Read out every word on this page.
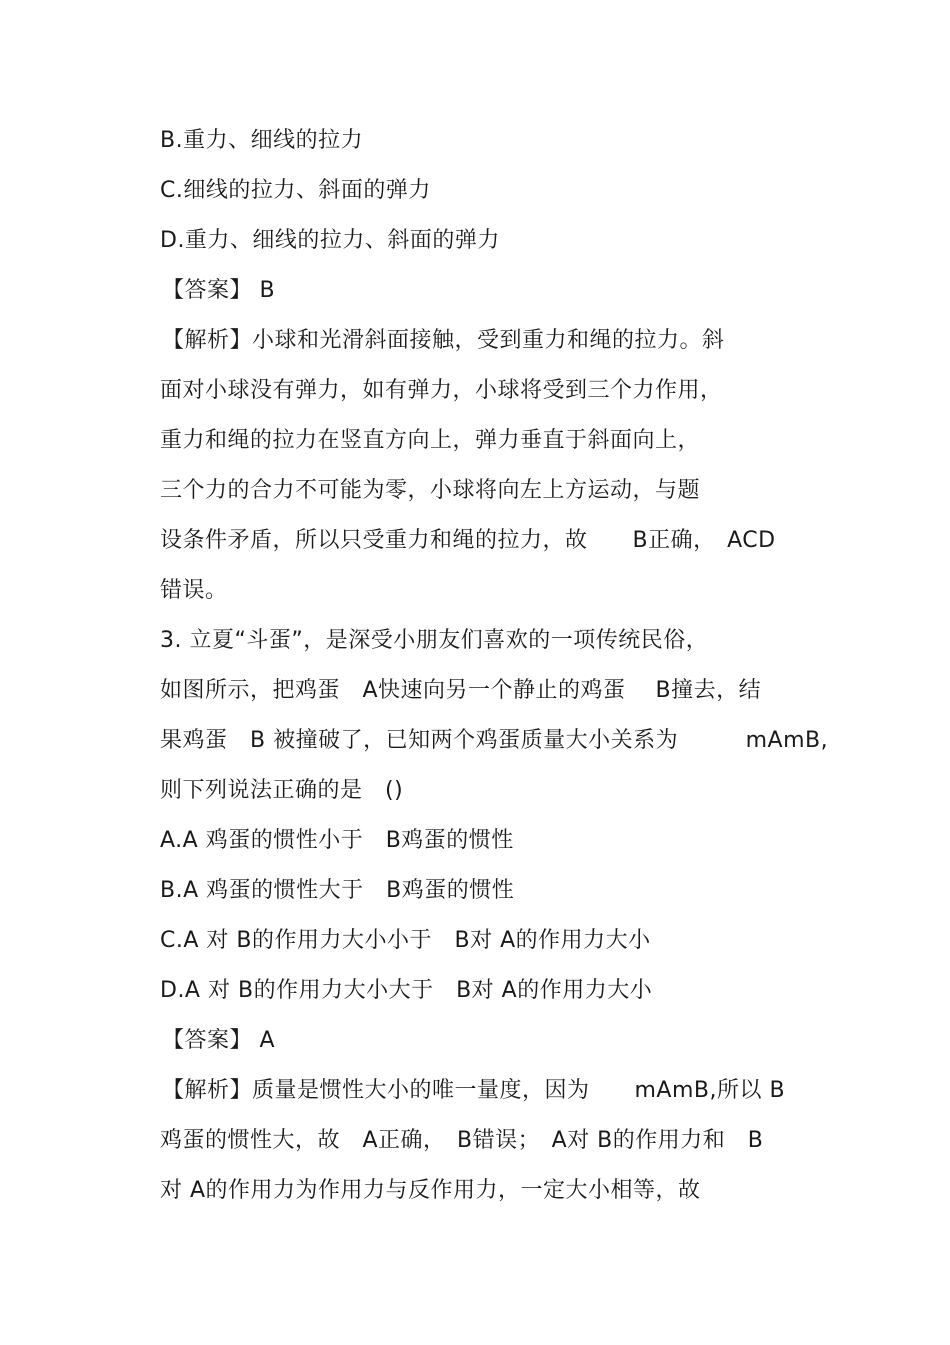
B.重力、细线的拉力
C.细线的拉力、斜面的弹力
D.重力、细线的拉力、斜面的弹力
【答案】 B
【解析】小球和光滑斜面接触，受到重力和绳的拉力。斜
面对小球没有弹力，如有弹力，小球将受到三个力作用，
重力和绳的拉力在竖直方向上，弹力垂直于斜面向上，
三个力的合力不可能为零，小球将向左上方运动，与题
设条件矛盾，所以只受重力和绳的拉力，故　　B正确，　ACD
错误。
3. 立夏“斗蛋”，是深受小朋友们喜欢的一项传统民俗，
如图所示，把鸡蛋　A快速向另一个静止的鸡蛋　 B撞去，结
果鸡蛋　B 被撞破了，已知两个鸡蛋质量大小关系为　　　mAmB,
则下列说法正确的是　()
A.A 鸡蛋的惯性小于　B鸡蛋的惯性
B.A 鸡蛋的惯性大于　B鸡蛋的惯性
C.A 对 B的作用力大小小于　B对 A的作用力大小
D.A 对 B的作用力大小大于　B对 A的作用力大小
【答案】 A
【解析】质量是惯性大小的唯一量度，因为　　mAmB,所以 B
鸡蛋的惯性大，故　A正确，　B错误；　A对 B的作用力和　B
对 A的作用力为作用力与反作用力，一定大小相等，故
